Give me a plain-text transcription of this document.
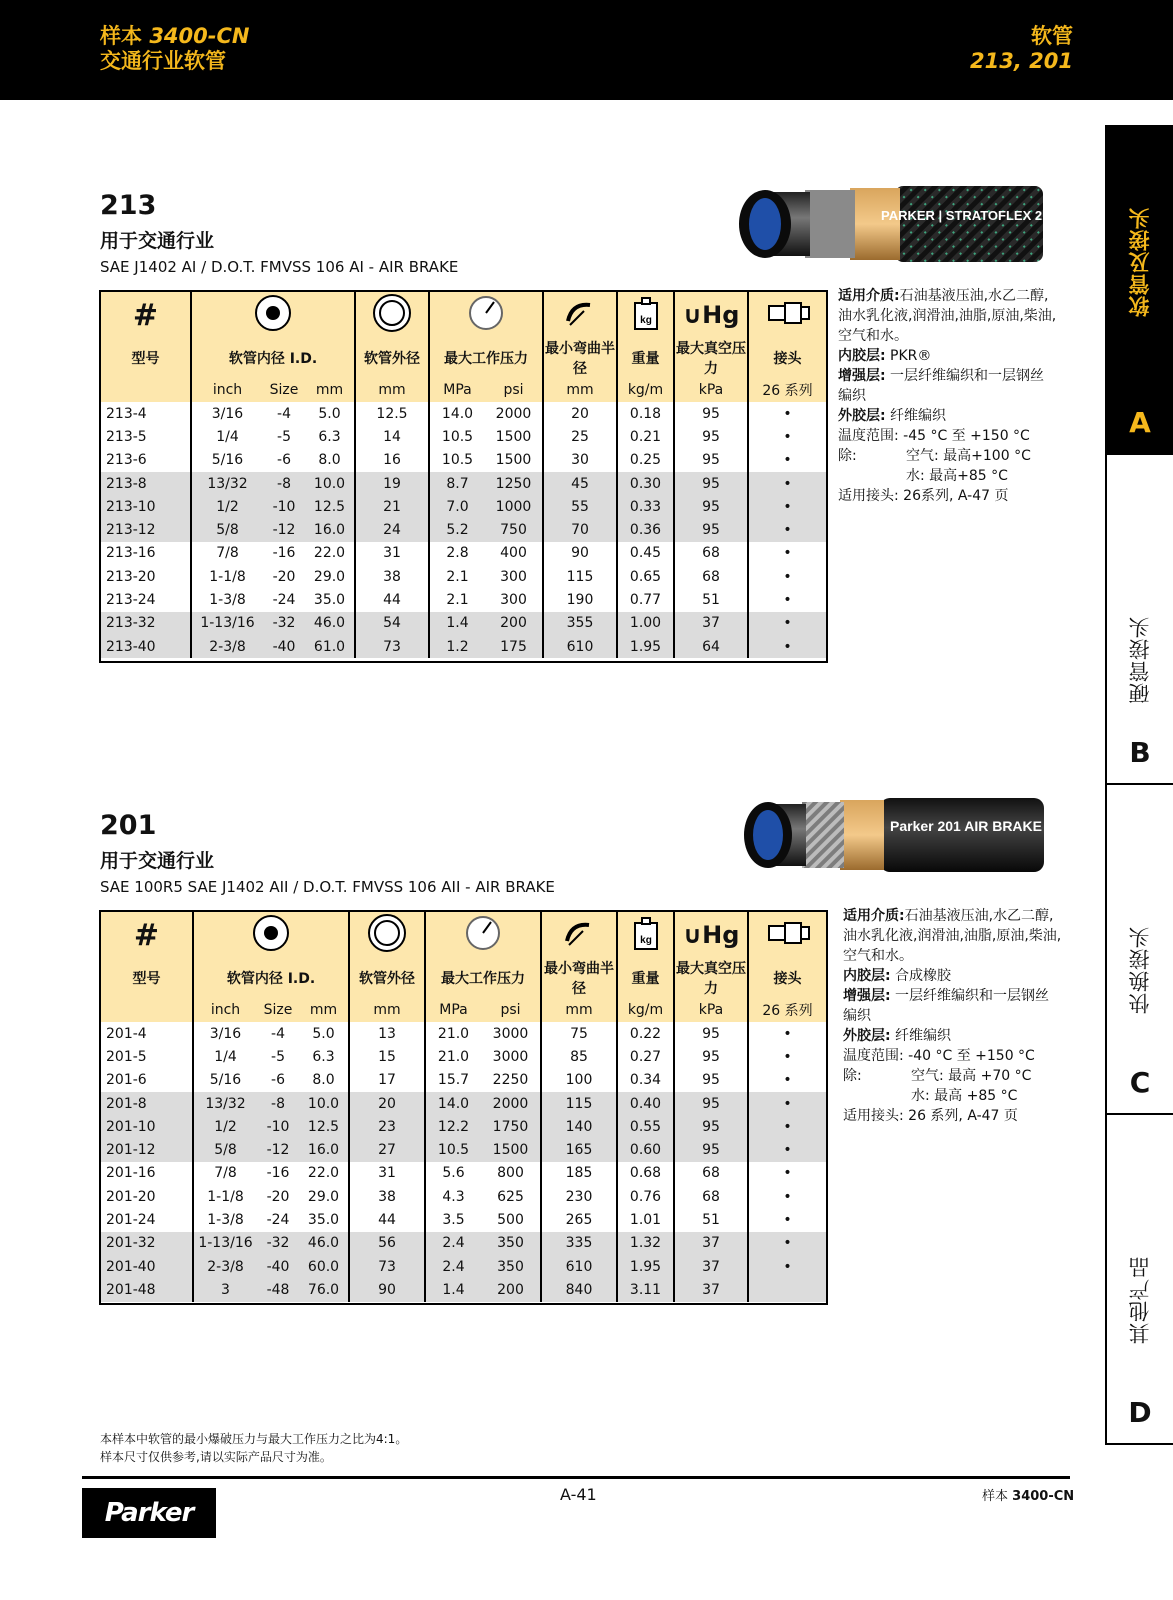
样本 3400-CN
交通行业软管
软管
213, 201
软管及接头
A
硬管接头
B
快换接头
C
其他产品
D
213
用于交通行业
SAE J1402 AI / D.O.T. FMVSS 106 AI - AIR BRAKE
PARKER | STRATOFLEX 213 AIR BR
#								kg	∪Hg	
型号	软管内径 I.D.			软管外径	最大工作压力		最小弯曲半径	重量	最大真空压力	接头
	inch	Size	mm	mm	MPa	psi	mm	kg/m	kPa	26 系列
213-4	3/16	-4	5.0	12.5	14.0	2000	20	0.18	95	•
213-5	1/4	-5	6.3	14	10.5	1500	25	0.21	95	•
213-6	5/16	-6	8.0	16	10.5	1500	30	0.25	95	•
213-8	13/32	-8	10.0	19	8.7	1250	45	0.30	95	•
213-10	1/2	-10	12.5	21	7.0	1000	55	0.33	95	•
213-12	5/8	-12	16.0	24	5.2	750	70	0.36	95	•
213-16	7/8	-16	22.0	31	2.8	400	90	0.45	68	•
213-20	1-1/8	-20	29.0	38	2.1	300	115	0.65	68	•
213-24	1-3/8	-24	35.0	44	2.1	300	190	0.77	51	•
213-32	1-13/16	-32	46.0	54	1.4	200	355	1.00	37	•
213-40	2-3/8	-40	61.0	73	1.2	175	610	1.95	64	•
适用介质:石油基液压油,水乙二醇,油水乳化液,润滑油,油脂,原油,柴油,空气和水。
内胶层: PKR®
增强层: 一层纤维编织和一层钢丝编织
外胶层: 纤维编织
温度范围: -45 °C 至 +150 °C
除:	空气: 最高+100 °C
水: 最高+85 °C
适用接头: 26系列, A-47 页
201
用于交通行业
SAE 100R5 SAE J1402 AII / D.O.T. FMVSS 106 AII - AIR BRAKE
Parker 201 AIR BRAKE
#								kg	∪Hg	
型号	软管内径 I.D.			软管外径	最大工作压力		最小弯曲半径	重量	最大真空压力	接头
	inch	Size	mm	mm	MPa	psi	mm	kg/m	kPa	26 系列
201-4	3/16	-4	5.0	13	21.0	3000	75	0.22	95	•
201-5	1/4	-5	6.3	15	21.0	3000	85	0.27	95	•
201-6	5/16	-6	8.0	17	15.7	2250	100	0.34	95	•
201-8	13/32	-8	10.0	20	14.0	2000	115	0.40	95	•
201-10	1/2	-10	12.5	23	12.2	1750	140	0.55	95	•
201-12	5/8	-12	16.0	27	10.5	1500	165	0.60	95	•
201-16	7/8	-16	22.0	31	5.6	800	185	0.68	68	•
201-20	1-1/8	-20	29.0	38	4.3	625	230	0.76	68	•
201-24	1-3/8	-24	35.0	44	3.5	500	265	1.01	51	•
201-32	1-13/16	-32	46.0	56	2.4	350	335	1.32	37	•
201-40	2-3/8	-40	60.0	73	2.4	350	610	1.95	37	•
201-48	3	-48	76.0	90	1.4	200	840	3.11	37	
适用介质:石油基液压油,水乙二醇,油水乳化液,润滑油,油脂,原油,柴油,空气和水。
内胶层: 合成橡胶
增强层: 一层纤维编织和一层钢丝编织
外胶层: 纤维编织
温度范围: -40 °C 至 +150 °C
除:	空气: 最高 +70 °C
水: 最高 +85 °C
适用接头: 26 系列, A-47 页
本样本中软管的最小爆破压力与最大工作压力之比为4:1。
样本尺寸仅供参考,请以实际产品尺寸为准。
Parker
A-41	样本 3400-CN
